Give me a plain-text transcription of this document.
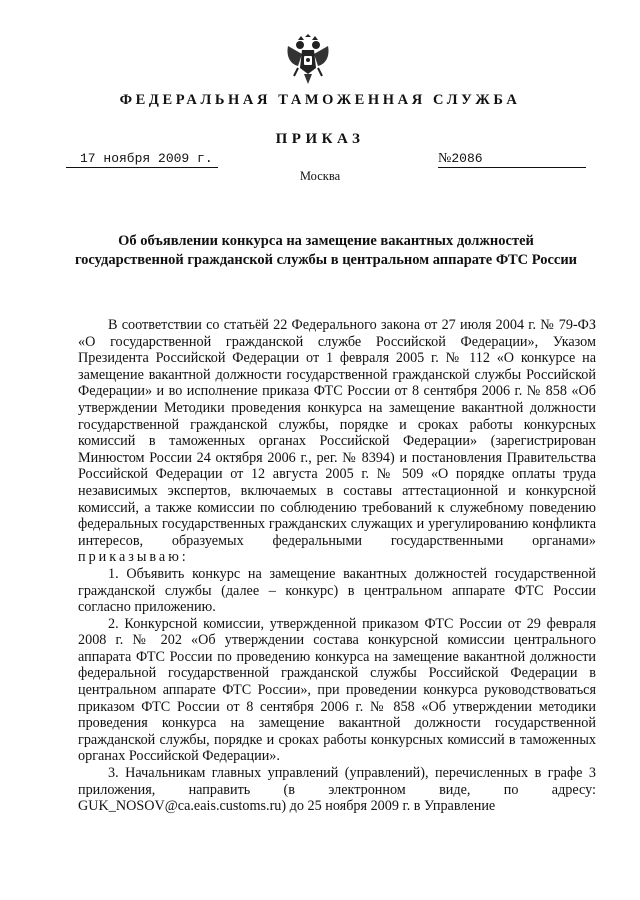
ФЕДЕРАЛЬНАЯ ТАМОЖЕННАЯ СЛУЖБА
ПРИКАЗ
17 ноября 2009 г.	№2086
Москва
Об объявлении конкурса на замещение вакантных должностей
государственной гражданской службы в центральном аппарате ФТС России

В соответствии со статьёй 22 Федерального закона от 27 июля 2004 г. № 79-ФЗ «О государственной гражданской службе Российской Федерации», Указом Президента Российской Федерации от 1 февраля 2005 г. № 112 «О конкурсе на замещение вакантной должности государственной гражданской службы Российской Федерации» и во исполнение приказа ФТС России от 8 сентября 2006 г. № 858 «Об утверждении Методики проведения конкурса на замещение вакантной должности государственной гражданской службы, порядке и сроках работы конкурсных комиссий в таможенных органах Российской Федерации» (зарегистрирован Минюстом России 24 октября 2006 г., рег. № 8394) и постановления Правительства Российской Федерации от 12 августа 2005 г. № 509 «О порядке оплаты труда независимых экспертов, включаемых в составы аттестационной и конкурсной комиссий, а также комиссии по соблюдению требований к служебному поведению федеральных государственных гражданских служащих и урегулированию конфликта интересов, образуемых федеральными государственными органами» приказываю:

1. Объявить конкурс на замещение вакантных должностей государственной гражданской службы (далее – конкурс) в центральном аппарате ФТС России согласно приложению.

2. Конкурсной комиссии, утвержденной приказом ФТС России от 29 февраля 2008 г. № 202 «Об утверждении состава конкурсной комиссии центрального аппарата ФТС России по проведению конкурса на замещение вакантной должности федеральной государственной гражданской службы Российской Федерации в центральном аппарате ФТС России», при проведении конкурса руководствоваться приказом ФТС России от 8 сентября 2006 г. № 858 «Об утверждении методики проведения конкурса на замещение вакантной должности государственной гражданской службы, порядке и сроках работы конкурсных комиссий в таможенных органах Российской Федерации».

3. Начальникам главных управлений (управлений), перечисленных в графе 3 приложения, направить (в электронном виде, по адресу: GUK_NOSOV@ca.eais.customs.ru) до 25 ноября 2009 г. в Управление
